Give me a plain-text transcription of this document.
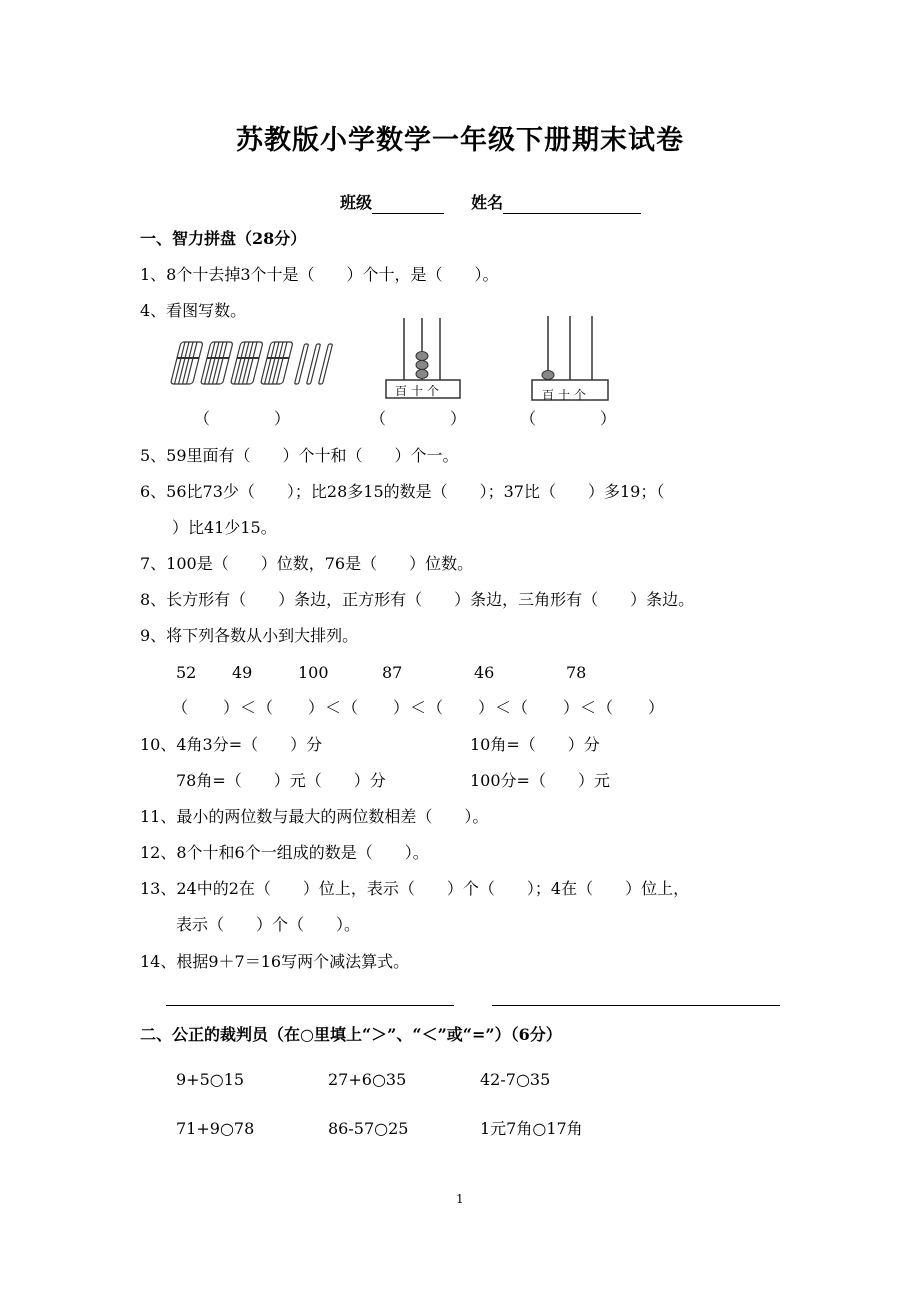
苏教版小学数学一年级下册期末试卷
班级	姓名
一、智力拼盘（28分）
1、8个十去掉3个十是（　　）个十，是（　　）。
4、看图写数。
百十个	百十个
（　　　　）	（　　　　）	（　　　　）
5、59里面有（　　）个十和（　　）个一。
6、56比73少（　　）；比28多15的数是（　　）；37比（　　）多19；（
）比41少15。
7、100是（　　）位数，76是（　　）位数。
8、长方形有（　　）条边，正方形有（　　）条边，三角形有（　　）条边。
9、将下列各数从小到大排列。
52 49	100	87	46	78
（　　）＜（　　）＜（　　）＜（　　）＜（　　）＜（　　）
10、4角3分=（　　）分	10角=（　　）分
78角=（　　）元（　　）分	100分=（　　）元
11、最小的两位数与最大的两位数相差（　　）。
12、8个十和6个一组成的数是（　　）。
13、24中的2在（　　）位上，表示（　　）个（　　）；4在（　　）位上，
表示（　　）个（　　）。
14、根据9＋7＝16写两个减法算式。
二、公正的裁判员（在○里填上“＞”、“＜”或“=”）（6分）
9+5○15	27+6○35	42-7○35
71+9○78	86-57○25	1元7角○17角
1
